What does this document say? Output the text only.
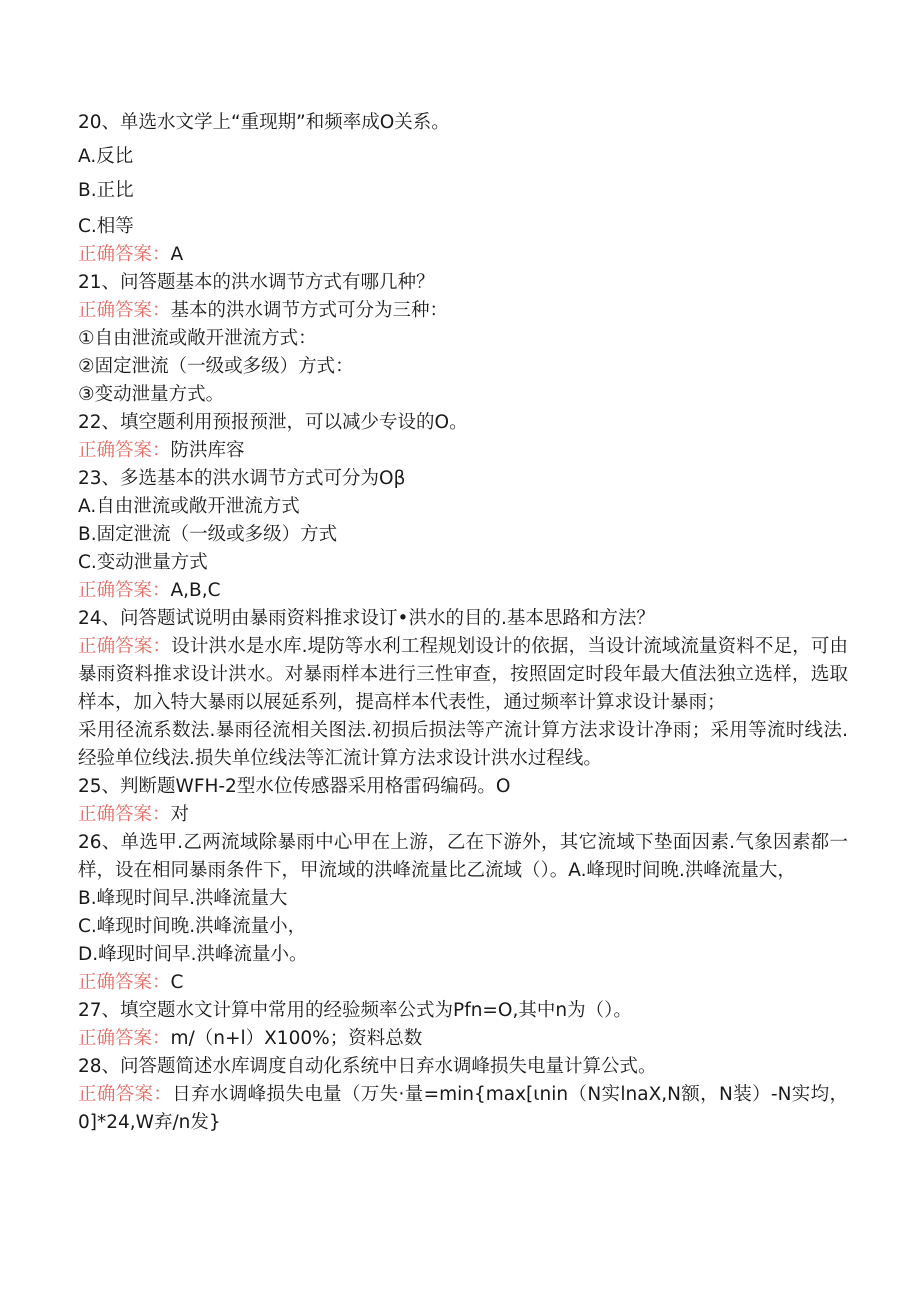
20、单选水文学上“重现期”和频率成O关系。
A.反比
B.正比
C.相等
正确答案：A
21、问答题基本的洪水调节方式有哪几种？
正确答案：基本的洪水调节方式可分为三种：
①自由泄流或敞开泄流方式：
②固定泄流（一级或多级）方式：
③变动泄量方式。
22、填空题利用预报预泄，可以减少专设的O。
正确答案：防洪库容
23、多选基本的洪水调节方式可分为Oβ
A.自由泄流或敞开泄流方式
B.固定泄流（一级或多级）方式
C.变动泄量方式
正确答案：A,B,C
24、问答题试说明由暴雨资料推求设订•洪水的目的.基本思路和方法？
正确答案：设计洪水是水库.堤防等水利工程规划设计的依据，当设计流域流量资料不足，可由暴雨资料推求设计洪水。对暴雨样本进行三性审查，按照固定时段年最大值法独立选样，选取样本，加入特大暴雨以展延系列，提高样本代表性，通过频率计算求设计暴雨；
采用径流系数法.暴雨径流相关图法.初损后损法等产流计算方法求设计净雨；采用等流时线法.经验单位线法.损失单位线法等汇流计算方法求设计洪水过程线。
25、判断题WFH-2型水位传感器采用格雷码编码。O
正确答案：对
26、单选甲.乙两流域除暴雨中心甲在上游，乙在下游外，其它流域下垫面因素.气象因素都一样，设在相同暴雨条件下，甲流域的洪峰流量比乙流域（）。A.峰现时间晚.洪峰流量大，
B.峰现时间早.洪峰流量大
C.峰现时间晚.洪峰流量小，
D.峰现时间早.洪峰流量小。
正确答案：C
27、填空题水文计算中常用的经验频率公式为Pfn=O,其中n为（）。
正确答案：m/（n+l）X100%；资料总数
28、问答题简述水库调度自动化系统中日弃水调峰损失电量计算公式。
正确答案：日弃水调峰损失电量（万失·量=min{max[ιnin（N实lnaX,N额，N装）-N实均，0]*24,W弃/n发}
